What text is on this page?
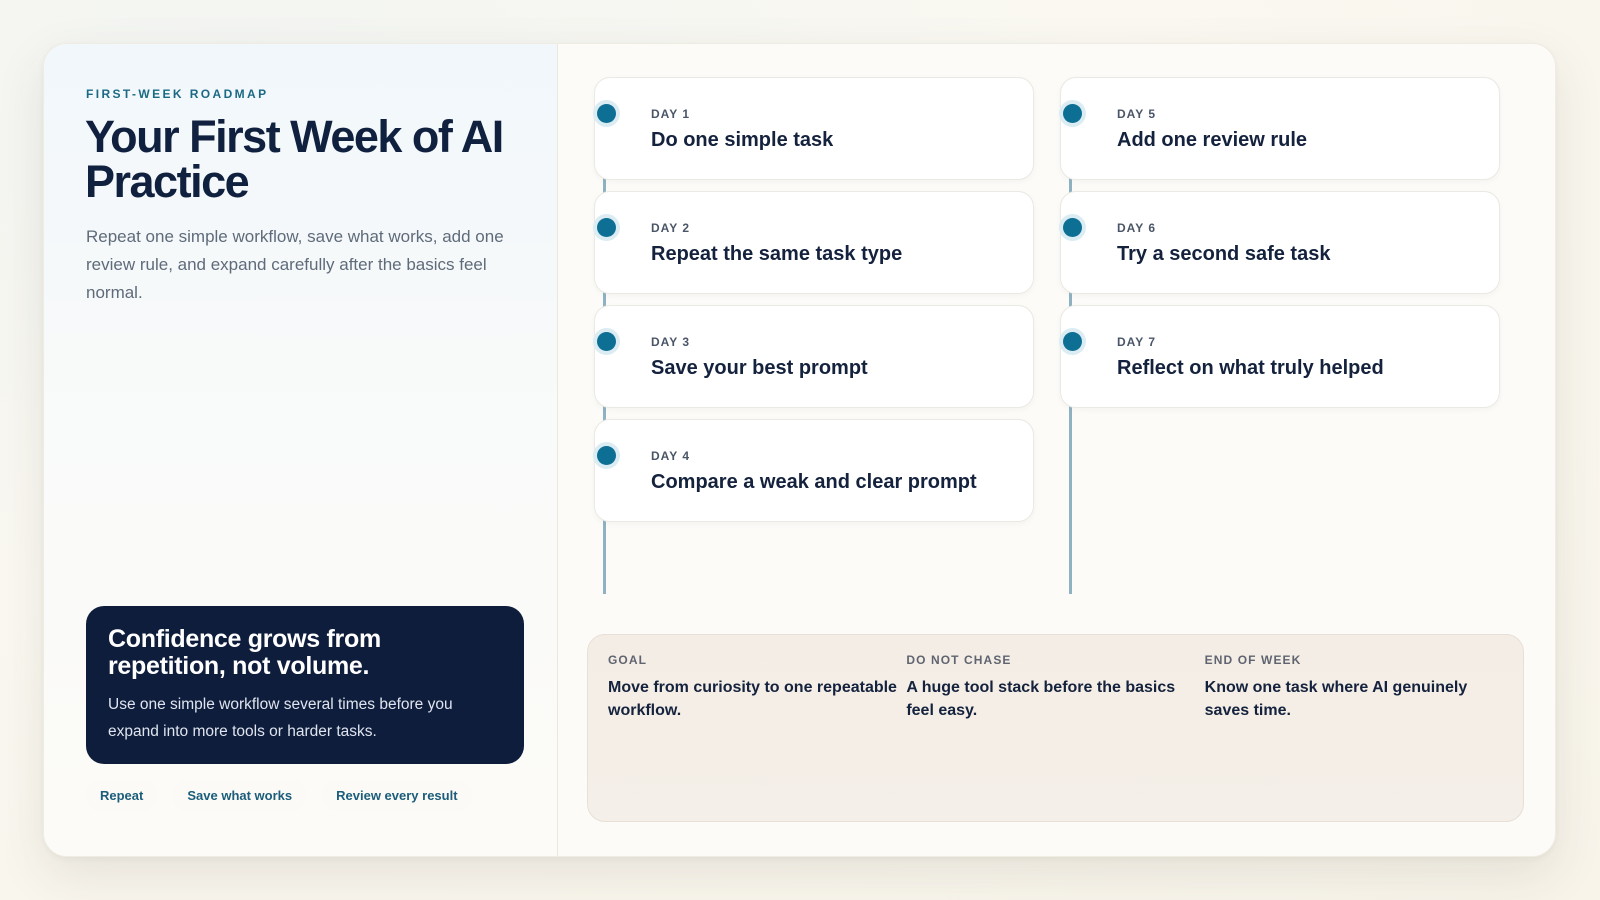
FIRST-WEEK ROADMAP
Your First Week of AI Practice

Repeat one simple workflow, save what works, add one review rule, and expand carefully after the basics feel normal.

Confidence grows from repetition, not volume.
Use one simple workflow several times before you expand into more tools or harder tasks.
Repeat	Save what works	Review every result
DAY 1
Do one simple task
DAY 2
Repeat the same task type
DAY 3
Save your best prompt
DAY 4
Compare a weak and clear prompt
DAY 5
Add one review rule
DAY 6
Try a second safe task
DAY 7
Reflect on what truly helped
GOAL
Move from curiosity to one repeatable workflow.
DO NOT CHASE
A huge tool stack before the basics feel easy.
END OF WEEK
Know one task where AI genuinely saves time.
